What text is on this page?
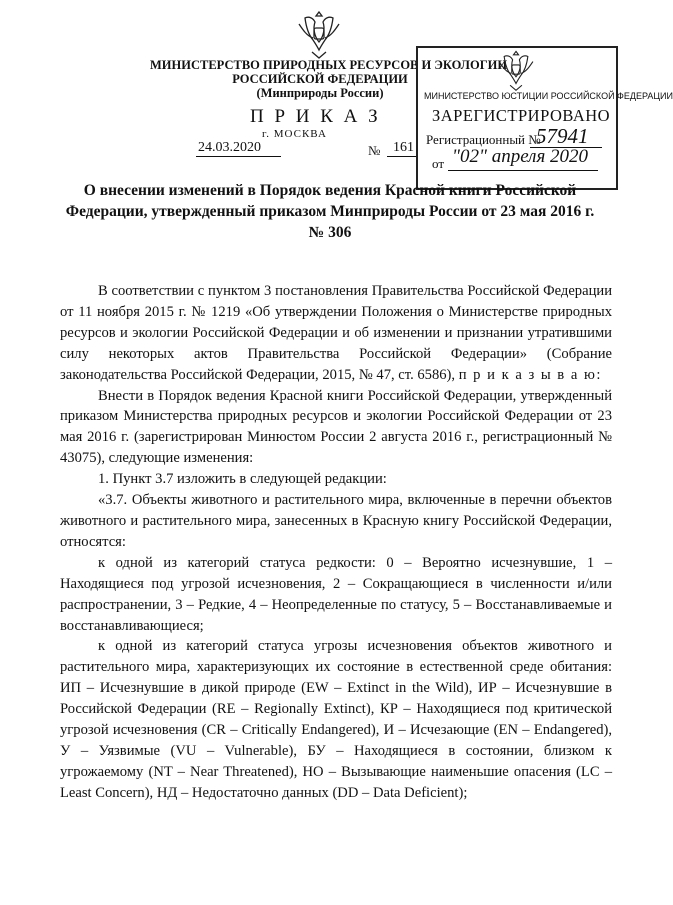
МИНИСТЕРСТВО ПРИРОДНЫХ РЕСУРСОВ И ЭКОЛОГИИ
РОССИЙСКОЙ ФЕДЕРАЦИИ
(Минприроды России)
П Р И К А З
г. МОСКВА
24.03.2020	№ 161
МИНИСТЕРСТВО ЮСТИЦИИ РОССИЙСКОЙ ФЕДЕРАЦИИ
ЗАРЕГИСТРИРОВАНО
Регистрационный №
57941
от "02" апреля 2020
О внесении изменений в Порядок ведения Красной книги Российской
Федерации, утвержденный приказом Минприроды России от 23 мая 2016 г.
№ 306

В соответствии с пунктом 3 постановления Правительства Российской Федерации от 11 ноября 2015 г. № 1219 «Об утверждении Положения о Министерстве природных ресурсов и экологии Российской Федерации и об изменении и признании утратившими силу некоторых актов Правительства Российской Федерации» (Собрание законодательства Российской Федерации, 2015, № 47, ст. 6586), п р и к а з ы в а ю:

Внести в Порядок ведения Красной книги Российской Федерации, утвержденный приказом Министерства природных ресурсов и экологии Российской Федерации от 23 мая 2016 г. (зарегистрирован Минюстом России 2 августа 2016 г., регистрационный № 43075), следующие изменения:

1. Пункт 3.7 изложить в следующей редакции:

«3.7. Объекты животного и растительного мира, включенные в перечни объектов животного и растительного мира, занесенных в Красную книгу Российской Федерации, относятся:

к одной из категорий статуса редкости: 0 – Вероятно исчезнувшие, 1 – Находящиеся под угрозой исчезновения, 2 – Сокращающиеся в численности и/или распространении, 3 – Редкие, 4 – Неопределенные по статусу, 5 – Восстанавливаемые и восстанавливающиеся;

к одной из категорий статуса угрозы исчезновения объектов животного и растительного мира, характеризующих их состояние в естественной среде обитания: ИП – Исчезнувшие в дикой природе (EW – Extinct in the Wild), ИР – Исчезнувшие в Российской Федерации (RE – Regionally Extinct), КР – Находящиеся под критической угрозой исчезновения (CR – Critically Endangered), И – Исчезающие (EN – Endangered), У – Уязвимые (VU – Vulnerable), БУ – Находящиеся в состоянии, близком к угрожаемому (NT – Near Threatened), НО – Вызывающие наименьшие опасения (LC – Least Concern), НД – Недостаточно данных (DD – Data Deficient);
